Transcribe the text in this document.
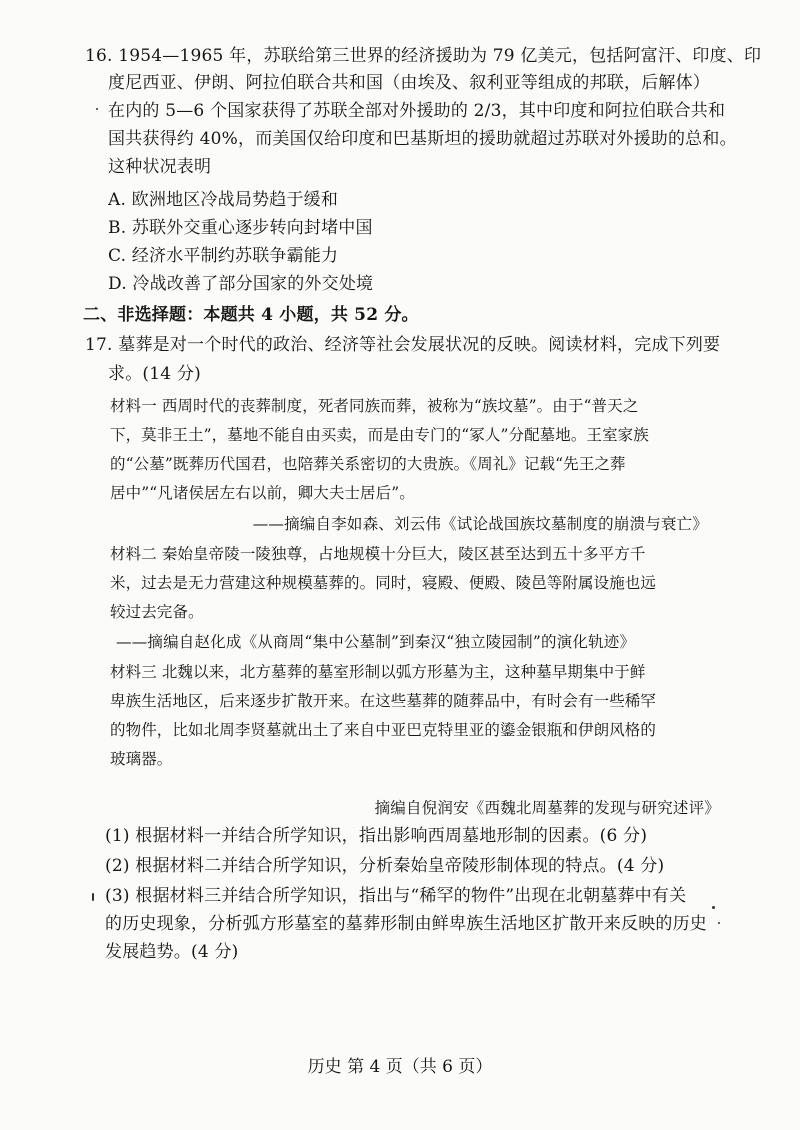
16. 1954—1965 年，苏联给第三世界的经济援助为 79 亿美元，包括阿富汗、印度、印
度尼西亚、伊朗、阿拉伯联合共和国（由埃及、叙利亚等组成的邦联，后解体）
在内的 5—6 个国家获得了苏联全部对外援助的 2/3，其中印度和阿拉伯联合共和
国共获得约 40%，而美国仅给印度和巴基斯坦的援助就超过苏联对外援助的总和。
这种状况表明
A. 欧洲地区冷战局势趋于缓和
B. 苏联外交重心逐步转向封堵中国
C. 经济水平制约苏联争霸能力
D. 冷战改善了部分国家的外交处境
二、非选择题：本题共 4 小题，共 52 分。
17. 墓葬是对一个时代的政治、经济等社会发展状况的反映。阅读材料，完成下列要
求。(14 分)
材料一 西周时代的丧葬制度，死者同族而葬，被称为“族坟墓”。由于“普天之
下，莫非王土”，墓地不能自由买卖，而是由专门的“冢人”分配墓地。王室家族
的“公墓”既葬历代国君，也陪葬关系密切的大贵族。《周礼》记载“先王之葬
居中”“凡诸侯居左右以前，卿大夫士居后”。
——摘编自李如森、刘云伟《试论战国族坟墓制度的崩溃与衰亡》
材料二 秦始皇帝陵一陵独尊，占地规模十分巨大，陵区甚至达到五十多平方千
米，过去是无力营建这种规模墓葬的。同时，寝殿、便殿、陵邑等附属设施也远
较过去完备。
——摘编自赵化成《从商周“集中公墓制”到秦汉“独立陵园制”的演化轨迹》
材料三 北魏以来，北方墓葬的墓室形制以弧方形墓为主，这种墓早期集中于鲜
卑族生活地区，后来逐步扩散开来。在这些墓葬的随葬品中，有时会有一些稀罕
的物件，比如北周李贤墓就出土了来自中亚巴克特里亚的鎏金银瓶和伊朗风格的
玻璃器。
摘编自倪润安《西魏北周墓葬的发现与研究述评》
(1) 根据材料一并结合所学知识，指出影响西周墓地形制的因素。(6 分)
(2) 根据材料二并结合所学知识，分析秦始皇帝陵形制体现的特点。(4 分)
(3) 根据材料三并结合所学知识，指出与“稀罕的物件”出现在北朝墓葬中有关
的历史现象，分析弧方形墓室的墓葬形制由鲜卑族生活地区扩散开来反映的历史
发展趋势。(4 分)
历史 第 4 页（共 6 页）
